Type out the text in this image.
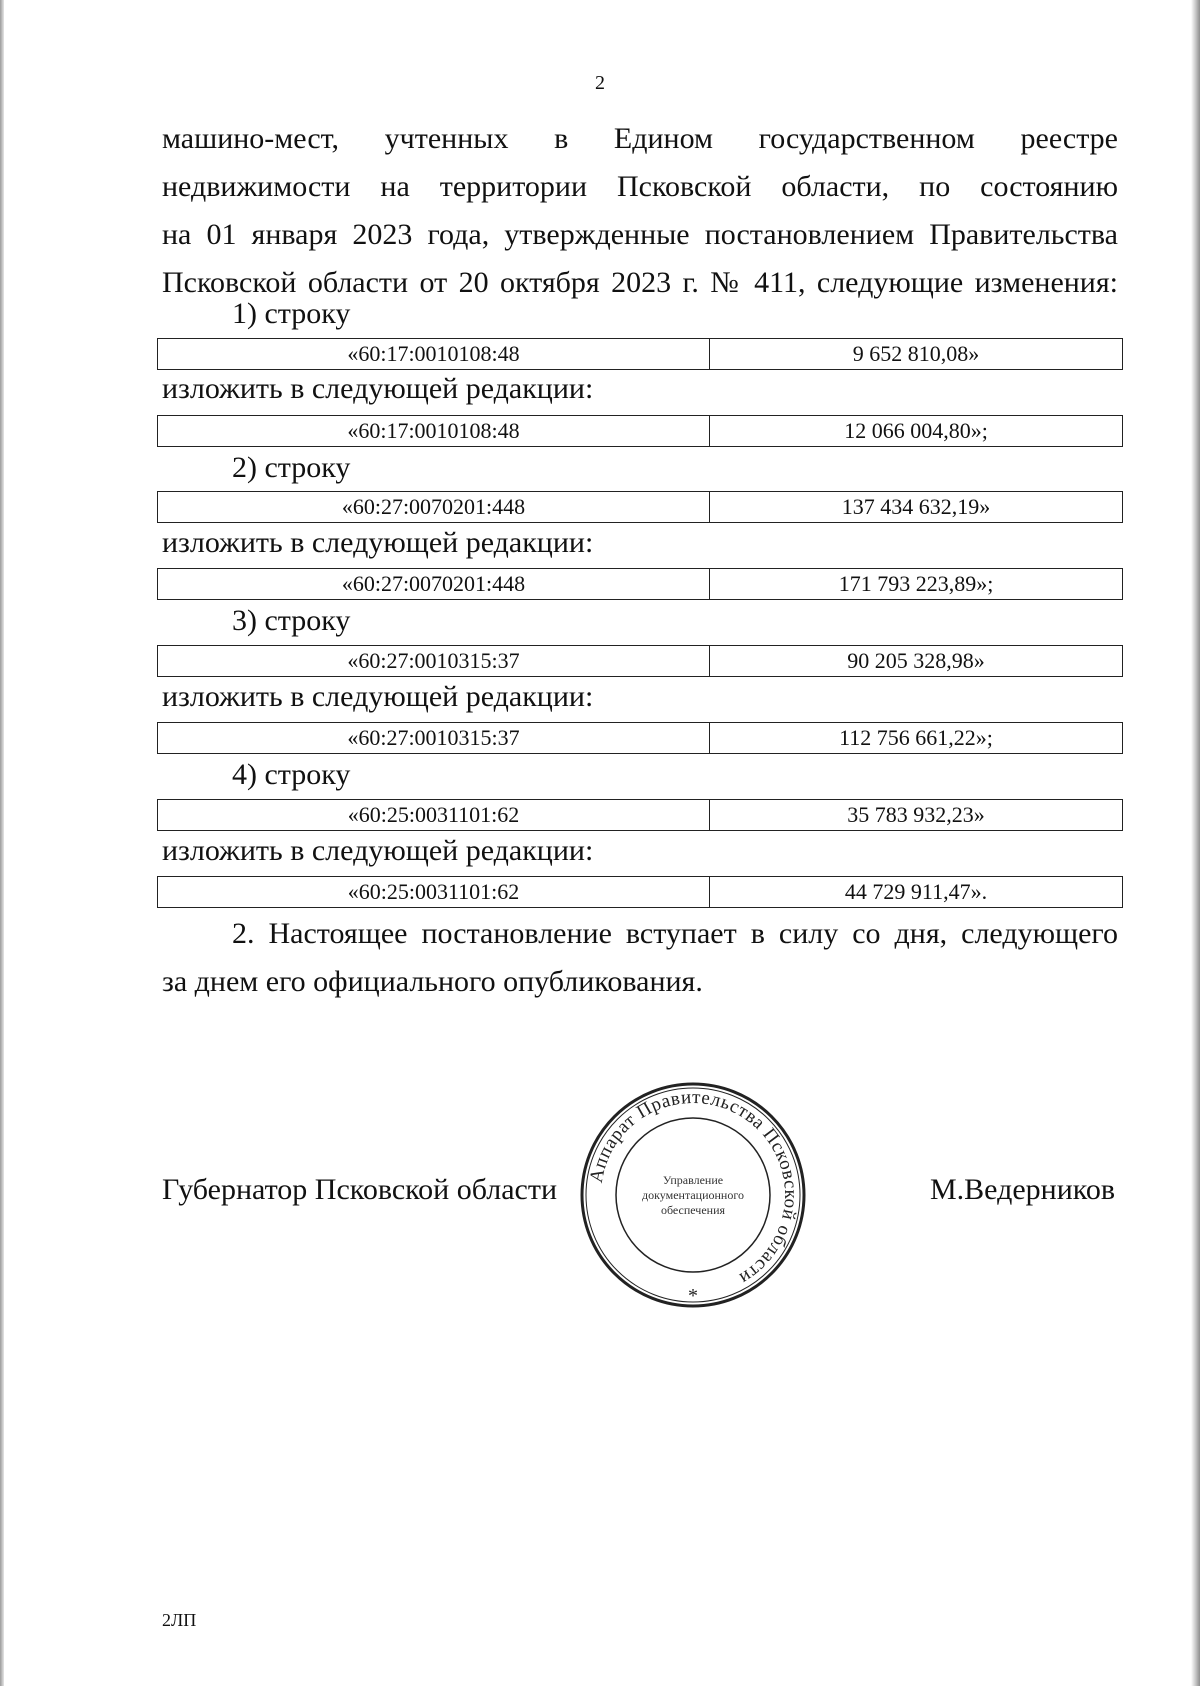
2
машино-мест, учтенных в Едином государственном реестре
недвижимости на территории Псковской области, по состоянию
на 01 января 2023 года, утвержденные постановлением Правительства
Псковской области от 20 октября 2023 г. № 411, следующие изменения:
1) строку
«60:17:0010108:48	9 652 810,08»
изложить в следующей редакции:
«60:17:0010108:48	12 066 004,80»;
2) строку
«60:27:0070201:448	137 434 632,19»
изложить в следующей редакции:
«60:27:0070201:448	171 793 223,89»;
3) строку
«60:27:0010315:37	90 205 328,98»
изложить в следующей редакции:
«60:27:0010315:37	112 756 661,22»;
4) строку
«60:25:0031101:62	35 783 932,23»
изложить в следующей редакции:
«60:25:0031101:62	44 729 911,47».
2. Настоящее постановление вступает в силу со дня, следующего
за днем его официального опубликования.
Губернатор Псковской области	М.Ведерников
Аппарат Правительства Псковской области
Управление
документационного
обеспечения
*
2ЛП
